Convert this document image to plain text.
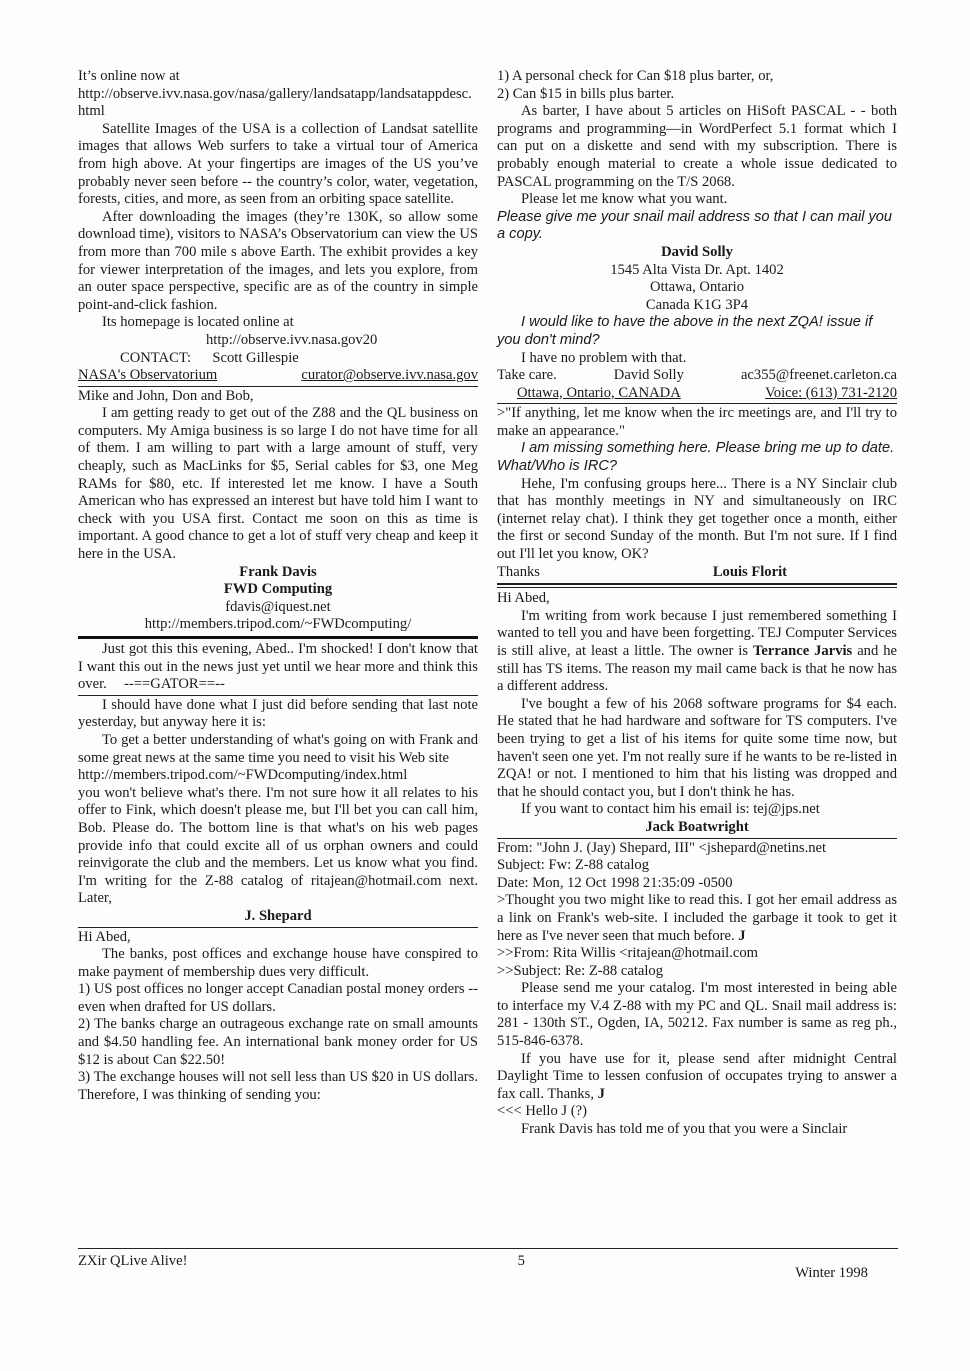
It’s online now at

http://observe.ivv.nasa.gov/nasa/gallery/landsatapp/landsatappdesc.html

Satellite Images of the USA is a collection of Landsat satellite images that allows Web surfers to take a virtual tour of America from high above. At your fingertips are images of the US you’ve probably never seen before -- the country’s color, water, vegetation, forests, cities, and more, as seen from an orbiting space satellite.

After downloading the images (they’re 130K, so allow some download time), visitors to NASA’s Observatorium can view the US from more than 700 mile s above Earth. The exhibit provides a key for viewer interpretation of the images, and lets you explore, from an outer space perspective, specific are as of the country in simple point-and-click fashion.

Its homepage is located online at

http://observe.ivv.nasa.gov20

CONTACT: Scott Gillespie

NASA's Observatorium	curator@observe.ivv.nasa.gov

Mike and John, Don and Bob,

I am getting ready to get out of the Z88 and the QL business on computers. My Amiga business is so large I do not have time for all of them. I am willing to part with a large amount of stuff, very cheaply, such as MacLinks for $5, Serial cables for $3, one Meg RAMs for $80, etc. If interested let me know. I have a South American who has expressed an interest but have told him I want to check with you USA first. Contact me soon on this as time is important. A good chance to get a lot of stuff very cheap and keep it here in the USA.

Frank Davis

FWD Computing

fdavis@iquest.net

http://members.tripod.com/~FWDcomputing/

Just got this this evening, Abed.. I'm shocked! I don't know that I want this out in the news just yet until we hear more and think this over. --==GATOR==--

I should have done what I just did before sending that last note yesterday, but anyway here it is:

To get a better understanding of what's going on with Frank and some great news at the same time you need to visit his Web site

http://members.tripod.com/~FWDcomputing/index.html

you won't believe what's there. I'm not sure how it all relates to his offer to Fink, which doesn't please me, but I'll bet you can call him, Bob. Please do. The bottom line is that what's on his web pages provide info that could excite all of us orphan owners and could reinvigorate the club and the members. Let us know what you find. I'm writing for the Z-88 catalog of ritajean@hotmail.com next. Later,

J. Shepard

Hi Abed,

The banks, post offices and exchange house have conspired to make payment of membership dues very difficult.

1) US post offices no longer accept Canadian postal money orders -- even when drafted for US dollars.

2) The banks charge an outrageous exchange rate on small amounts and $4.50 handling fee. An international bank money order for US $12 is about Can $22.50!

3) The exchange houses will not sell less than US $20 in US dollars. Therefore, I was thinking of sending you:

1) A personal check for Can $18 plus barter, or,

2) Can $15 in bills plus barter.

As barter, I have about 5 articles on HiSoft PASCAL - - both programs and programming—in WordPerfect 5.1 format which I can put on a diskette and send with my subscription. There is probably enough material to create a whole issue dedicated to PASCAL programming on the T/S 2068.

Please let me know what you want.

Please give me your snail mail address so that I can mail you a copy.

David Solly

1545 Alta Vista Dr. Apt. 1402

Ottawa, Ontario

Canada K1G 3P4

I would like to have the above in the next ZQA! issue if you don't mind?

I have no problem with that.

Take care.	David Solly	ac355@freenet.carleton.ca
Ottawa, Ontario, CANADA	Voice: (613) 731-2120

>"If anything, let me know when the irc meetings are, and I'll try to make an appearance."

I am missing something here. Please bring me up to date. What/Who is IRC?

Hehe, I'm confusing groups here... There is a NY Sinclair club that has monthly meetings in NY and simultaneously on IRC (internet relay chat). I think they get together once a month, either the first or second Sunday of the month. But I'm not sure. If I find out I'll let you know, OK?

Thanks	Louis Florit

Hi Abed,

I'm writing from work because I just remembered something I wanted to tell you and have been forgetting. TEJ Computer Services is still alive, at least a little. The owner is Terrance Jarvis and he still has TS items. The reason my mail came back is that he now has a different address.

I've bought a few of his 2068 software programs for $4 each. He stated that he had hardware and software for TS computers. I've been trying to get a list of his items for quite some time now, but haven't seen one yet. I'm not really sure if he wants to be re-listed in ZQA! or not. I mentioned to him that his listing was dropped and that he should contact you, but I don't think he has.

If you want to contact him his email is: tej@jps.net

Jack Boatwright

From: "John J. (Jay) Shepard, III" <jshepard@netins.net

Subject: Fw: Z-88 catalog

Date: Mon, 12 Oct 1998 21:35:09 -0500

>Thought you two might like to read this. I got her email address as a link on Frank's web-site. I included the garbage it took to get it here as I've never seen that much before. J

>>From: Rita Willis <ritajean@hotmail.com

>>Subject: Re: Z-88 catalog

Please send me your catalog. I'm most interested in being able to interface my V.4 Z-88 with my PC and QL. Snail mail address is: 281 - 130th ST., Ogden, IA, 50212. Fax number is same as reg ph., 515-846-6378.

If you have use for it, please send after midnight Central Daylight Time to lessen confusion of occupates trying to answer a fax call. Thanks, J

<<< Hello J (?)

Frank Davis has told me of you that you were a Sinclair

ZXir QLive Alive!	5
Winter 1998
